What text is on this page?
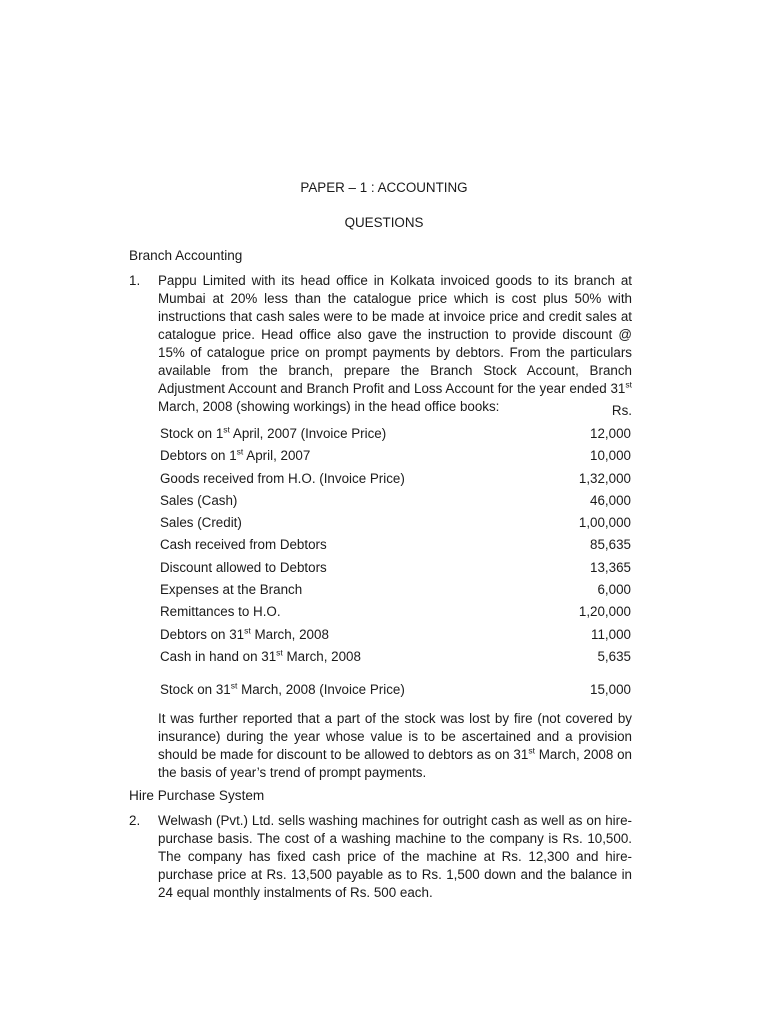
PAPER – 1 : ACCOUNTING
QUESTIONS
Branch Accounting
1. Pappu Limited with its head office in Kolkata invoiced goods to its branch at Mumbai at 20% less than the catalogue price which is cost plus 50% with instructions that cash sales were to be made at invoice price and credit sales at catalogue price. Head office also gave the instruction to provide discount @ 15% of catalogue price on prompt payments by debtors. From the particulars available from the branch, prepare the Branch Stock Account, Branch Adjustment Account and Branch Profit and Loss Account for the year ended 31st March, 2008 (showing workings) in the head office books:	Rs.
Stock on 1st April, 2007 (Invoice Price)	12,000
Debtors on 1st April, 2007	10,000
Goods received from H.O. (Invoice Price)	1,32,000
Sales (Cash)	46,000
Sales (Credit)	1,00,000
Cash received from Debtors	85,635
Discount allowed to Debtors	13,365
Expenses at the Branch	6,000
Remittances to H.O.	1,20,000
Debtors on 31st March, 2008	11,000
Cash in hand on 31st March, 2008	5,635
Stock on 31st March, 2008 (Invoice Price)	15,000

It was further reported that a part of the stock was lost by fire (not covered by insurance) during the year whose value is to be ascertained and a provision should be made for discount to be allowed to debtors as on 31st March, 2008 on the basis of year’s trend of prompt payments.

Hire Purchase System
2. Welwash (Pvt.) Ltd. sells washing machines for outright cash as well as on hire-purchase basis. The cost of a washing machine to the company is Rs. 10,500. The company has fixed cash price of the machine at Rs. 12,300 and hire-purchase price at Rs. 13,500 payable as to Rs. 1,500 down and the balance in 24 equal monthly instalments of Rs. 500 each.
